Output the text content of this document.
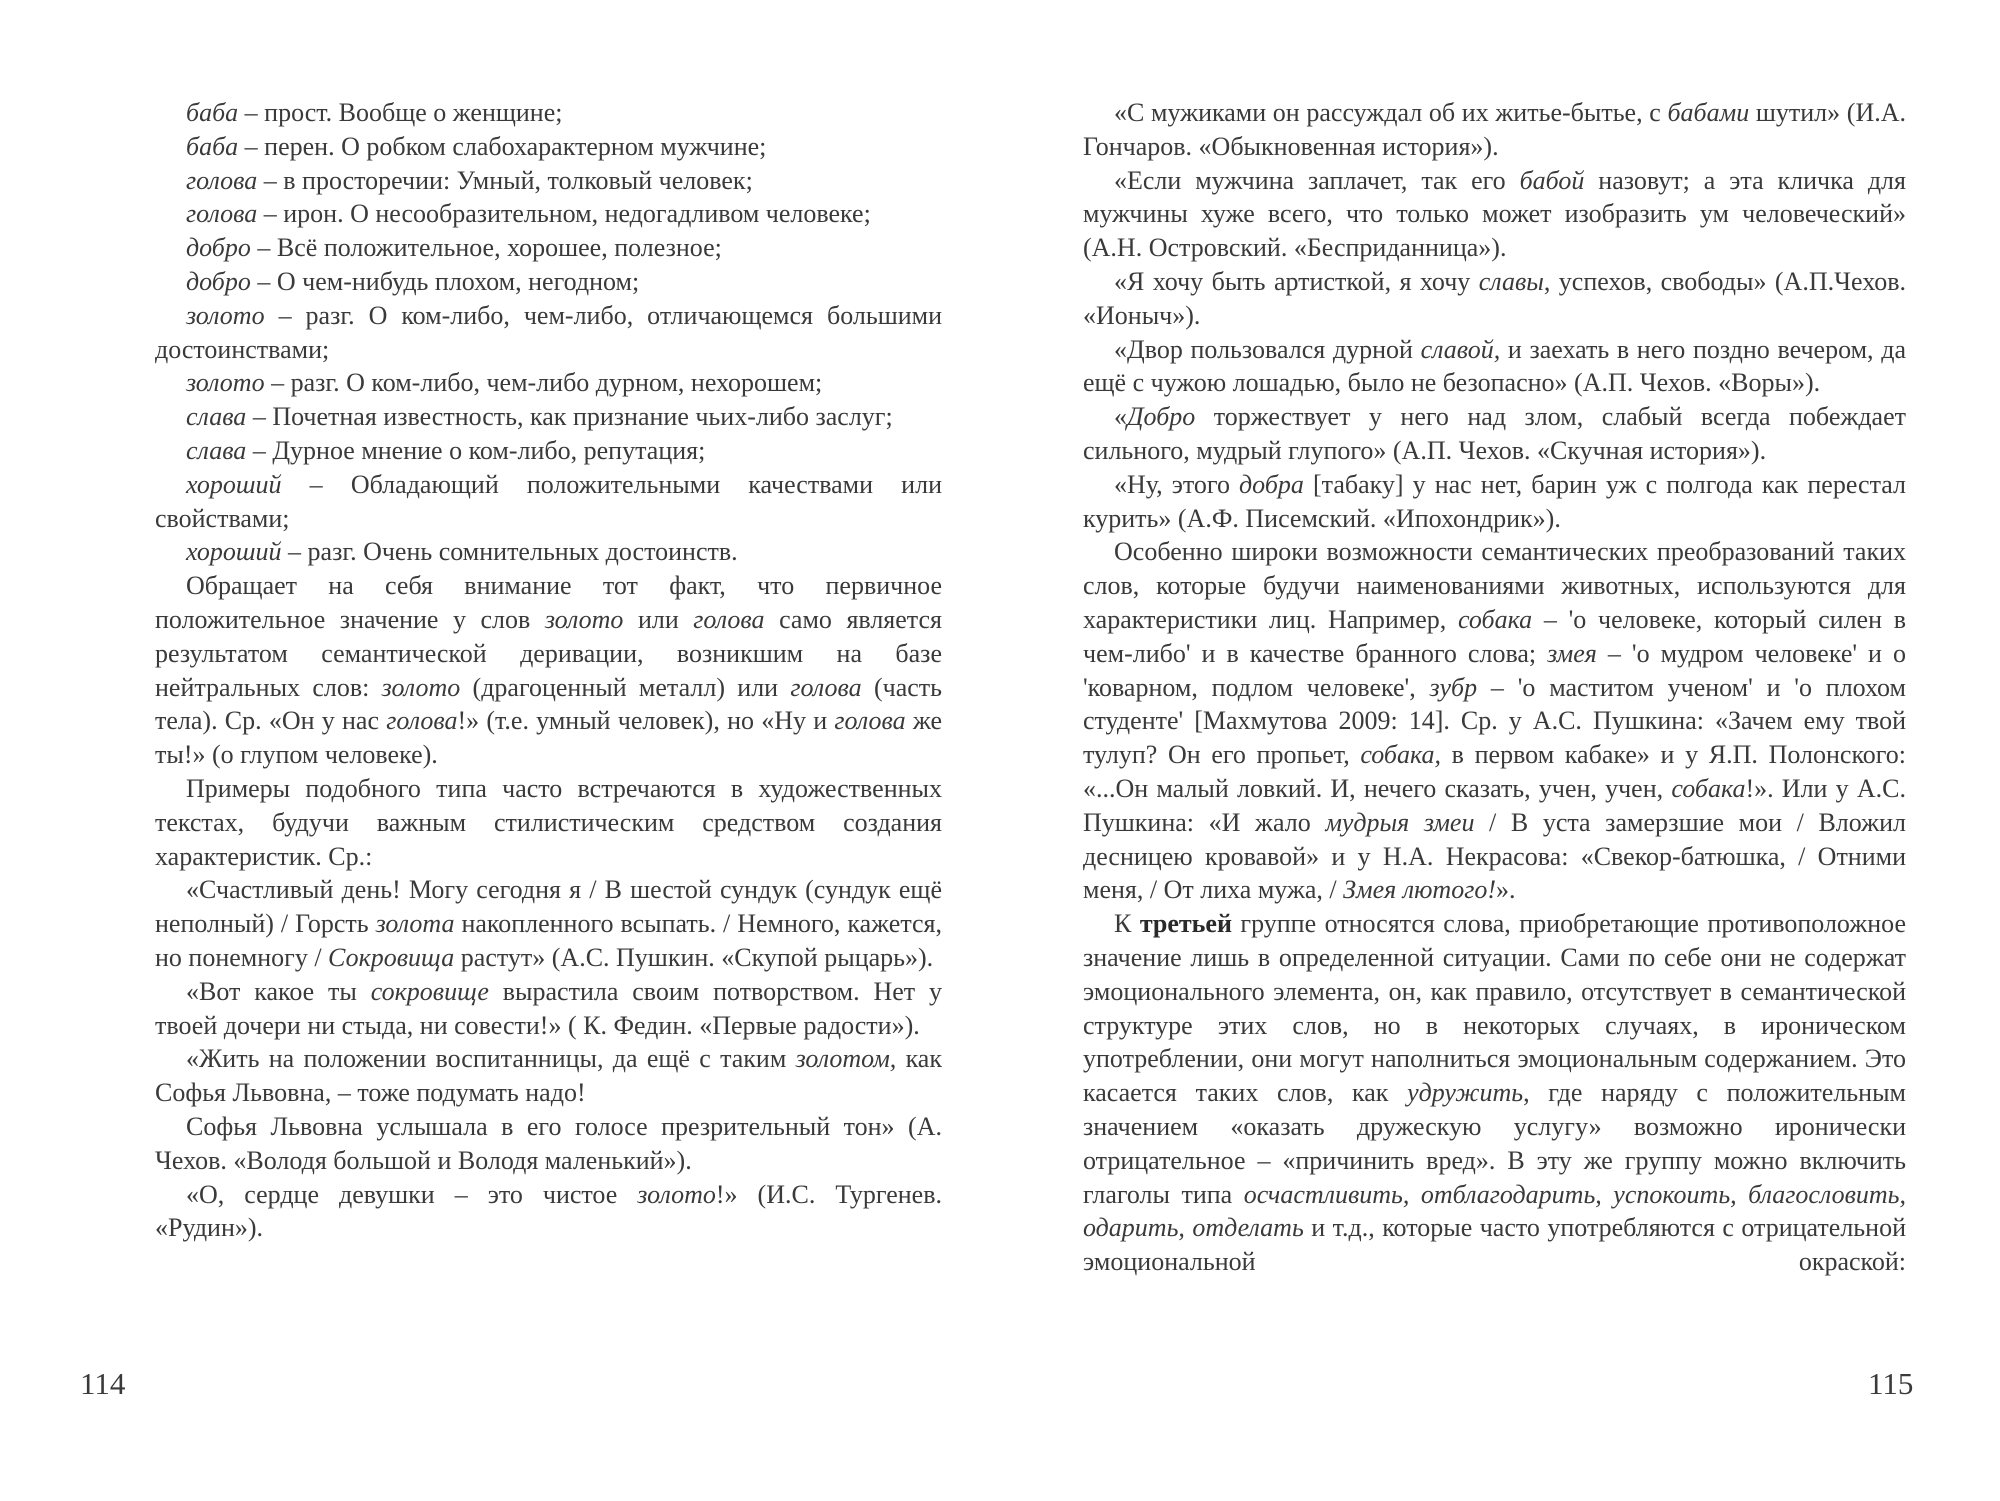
баба – прост. Вообще о женщине;

баба – перен. О робком слабохарактерном мужчине;

голова – в просторечии: Умный, толковый человек;

голова – ирон. О несообразительном, недогадливом человеке;

добро – Всё положительное, хорошее, полезное;

добро – О чем-нибудь плохом, негодном;

золото – разг. О ком-либо, чем-либо, отличающемся большими достоинствами;

золото – разг. О ком-либо, чем-либо дурном, нехорошем;

слава – Почетная известность, как признание чьих-либо заслуг;

слава – Дурное мнение о ком-либо, репутация;

хороший – Обладающий положительными качествами или свойствами;

хороший – разг. Очень сомнительных достоинств.

Обращает на себя внимание тот факт, что первичное положительное значение у слов золото или голова само является результатом семантической деривации, возникшим на базе нейтральных слов: золото (драгоценный металл) или голова (часть тела). Ср. «Он у нас голова!» (т.е. умный человек), но «Ну и голова же ты!» (о глупом человеке).

Примеры подобного типа часто встречаются в художественных текстах, будучи важным стилистическим средством создания характеристик. Ср.:

«Счастливый день! Могу сегодня я / В шестой сундук (сундук ещё неполный) / Горсть золота накопленного всыпать. / Немного, кажется, но понемногу / Сокровища растут» (А.С. Пушкин. «Скупой рыцарь»).

«Вот какое ты сокровище вырастила своим потворством. Нет у твоей дочери ни стыда, ни совести!» ( К. Федин. «Первые радости»).

«Жить на положении воспитанницы, да ещё с таким золотом, как Софья Львовна, – тоже подумать надо!

Софья Львовна услышала в его голосе презрительный тон» (А. Чехов. «Володя большой и Володя маленький»).

«О, сердце девушки – это чистое золото!» (И.С. Тургенев. «Рудин»).

«С мужиками он рассуждал об их житье-бытье, с бабами шутил» (И.А. Гончаров. «Обыкновенная история»).

«Если мужчина заплачет, так его бабой назовут; а эта кличка для мужчины хуже всего, что только может изобразить ум человеческий» (А.Н. Островский. «Бесприданница»).

«Я хочу быть артисткой, я хочу славы, успехов, свободы» (А.П.Чехов. «Ионыч»).

«Двор пользовался дурной славой, и заехать в него поздно вечером, да ещё с чужою лошадью, было не безопасно» (А.П. Чехов. «Воры»).

«Добро торжествует у него над злом, слабый всегда побеждает сильного, мудрый глупого» (А.П. Чехов. «Скучная история»).

«Ну, этого добра [табаку] у нас нет, барин уж с полгода как перестал курить» (А.Ф. Писемский. «Ипохондрик»).

Особенно широки возможности семантических преобразований таких слов, которые будучи наименованиями животных, используются для характеристики лиц. Например, собака – 'о человеке, который силен в чем-либо' и в качестве бранного слова; змея – 'о мудром человеке' и о 'коварном, подлом человеке', зубр – 'о маститом ученом' и 'о плохом студенте' [Махмутова 2009: 14]. Ср. у А.С. Пушкина: «Зачем ему твой тулуп? Он его пропьет, собака, в первом кабаке» и у Я.П. Полонского: «...Он малый ловкий. И, нечего сказать, учен, учен, собака!». Или у А.С. Пушкина: «И жало мудрыя змеи / В уста замерзшие мои / Вложил десницею кровавой» и у Н.А. Некрасова: «Свекор-батюшка, / Отними меня, / От лиха мужа, / Змея лютого!».

К третьей группе относятся слова, приобретающие противоположное значение лишь в определенной ситуации. Сами по себе они не содержат эмоционального элемента, он, как правило, отсутствует в семантической структуре этих слов, но в некоторых случаях, в ироническом употреблении, они могут наполниться эмоциональным содержанием. Это касается таких слов, как удружить, где наряду с положительным значением «оказать дружескую услугу» возможно иронически отрицательное – «причинить вред». В эту же группу можно включить глаголы типа осчастливить, отблагодарить, успокоить, благословить, одарить, отделать и т.д., которые часто употребляются с отрицательной эмоциональной окраской:

114	115
